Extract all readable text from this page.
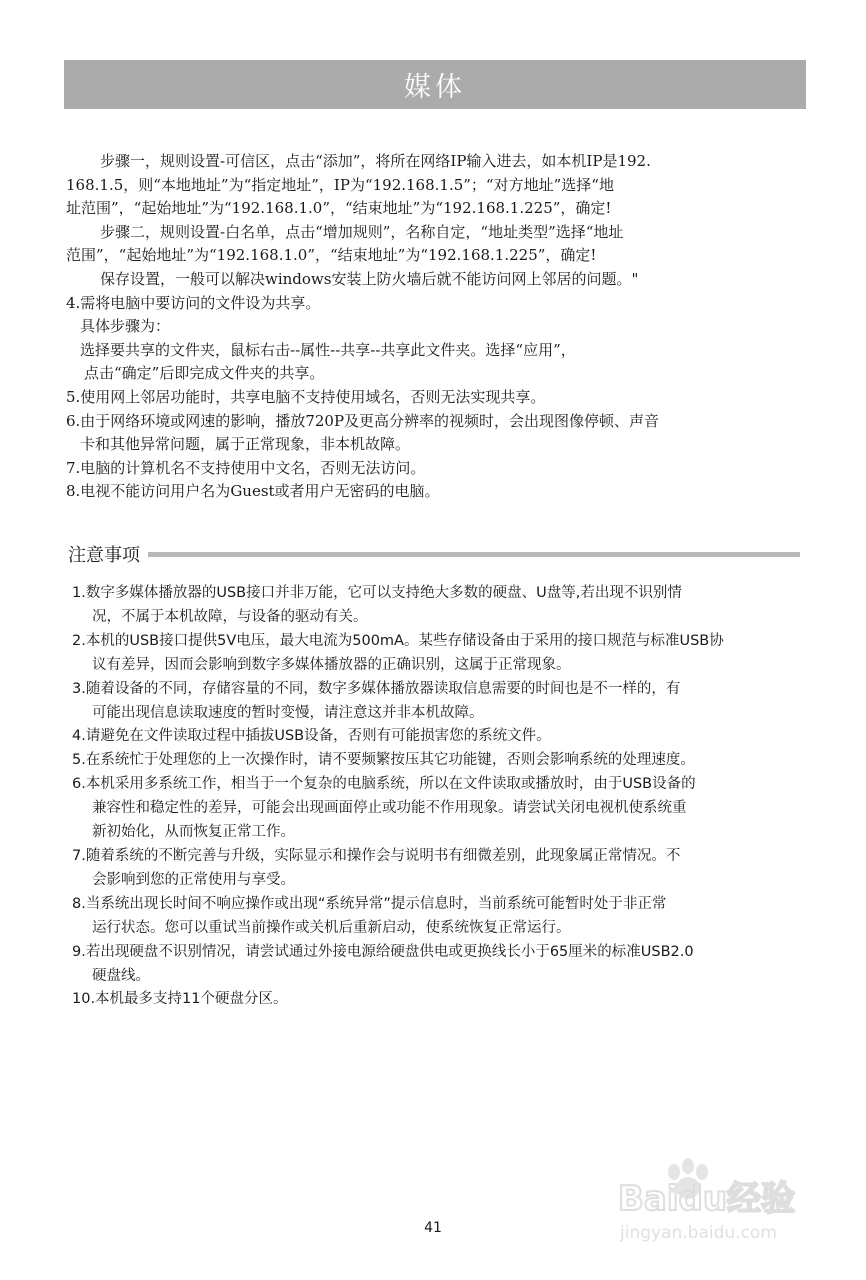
媒体

步骤一，规则设置-可信区，点击“添加”，将所在网络IP输入进去，如本机IP是192.

168.1.5，则“本地地址”为“指定地址”，IP为“192.168.1.5”；“对方地址”选择“地

址范围”，“起始地址”为“192.168.1.0”，“结束地址”为“192.168.1.225”，确定!

步骤二，规则设置-白名单，点击“增加规则”，名称自定，“地址类型”选择“地址

范围”，“起始地址”为“192.168.1.0”，“结束地址”为“192.168.1.225”，确定!

保存设置，一般可以解决windows安装上防火墙后就不能访问网上邻居的问题。"

4.需将电脑中要访问的文件设为共享。

具体步骤为：

选择要共享的文件夹，鼠标右击--属性--共享--共享此文件夹。选择“应用”，

点击“确定”后即完成文件夹的共享。

5.使用网上邻居功能时，共享电脑不支持使用域名，否则无法实现共享。

6.由于网络环境或网速的影响，播放720P及更高分辨率的视频时，会出现图像停顿、声音

卡和其他异常问题，属于正常现象，非本机故障。

7.电脑的计算机名不支持使用中文名，否则无法访问。

8.电视不能访问用户名为Guest或者用户无密码的电脑。

注意事项

1.数字多媒体播放器的USB接口并非万能，它可以支持绝大多数的硬盘、U盘等,若出现不识别情

况，不属于本机故障，与设备的驱动有关。

2.本机的USB接口提供5V电压，最大电流为500mA。某些存储设备由于采用的接口规范与标准USB协

议有差异，因而会影响到数字多媒体播放器的正确识别，这属于正常现象。

3.随着设备的不同，存储容量的不同，数字多媒体播放器读取信息需要的时间也是不一样的，有

可能出现信息读取速度的暂时变慢，请注意这并非本机故障。

4.请避免在文件读取过程中插拔USB设备，否则有可能损害您的系统文件。

5.在系统忙于处理您的上一次操作时，请不要频繁按压其它功能键，否则会影响系统的处理速度。

6.本机采用多系统工作，相当于一个复杂的电脑系统，所以在文件读取或播放时，由于USB设备的

兼容性和稳定性的差异，可能会出现画面停止或功能不作用现象。请尝试关闭电视机使系统重

新初始化，从而恢复正常工作。

7.随着系统的不断完善与升级，实际显示和操作会与说明书有细微差别，此现象属正常情况。不

会影响到您的正常使用与享受。

8.当系统出现长时间不响应操作或出现“系统异常”提示信息时，当前系统可能暂时处于非正常

运行状态。您可以重试当前操作或关机后重新启动，使系统恢复正常运行。

9.若出现硬盘不识别情况，请尝试通过外接电源给硬盘供电或更换线长小于65厘米的标准USB2.0

硬盘线。

10.本机最多支持11个硬盘分区。

41
Baidu经验
jingyan.baidu.com
